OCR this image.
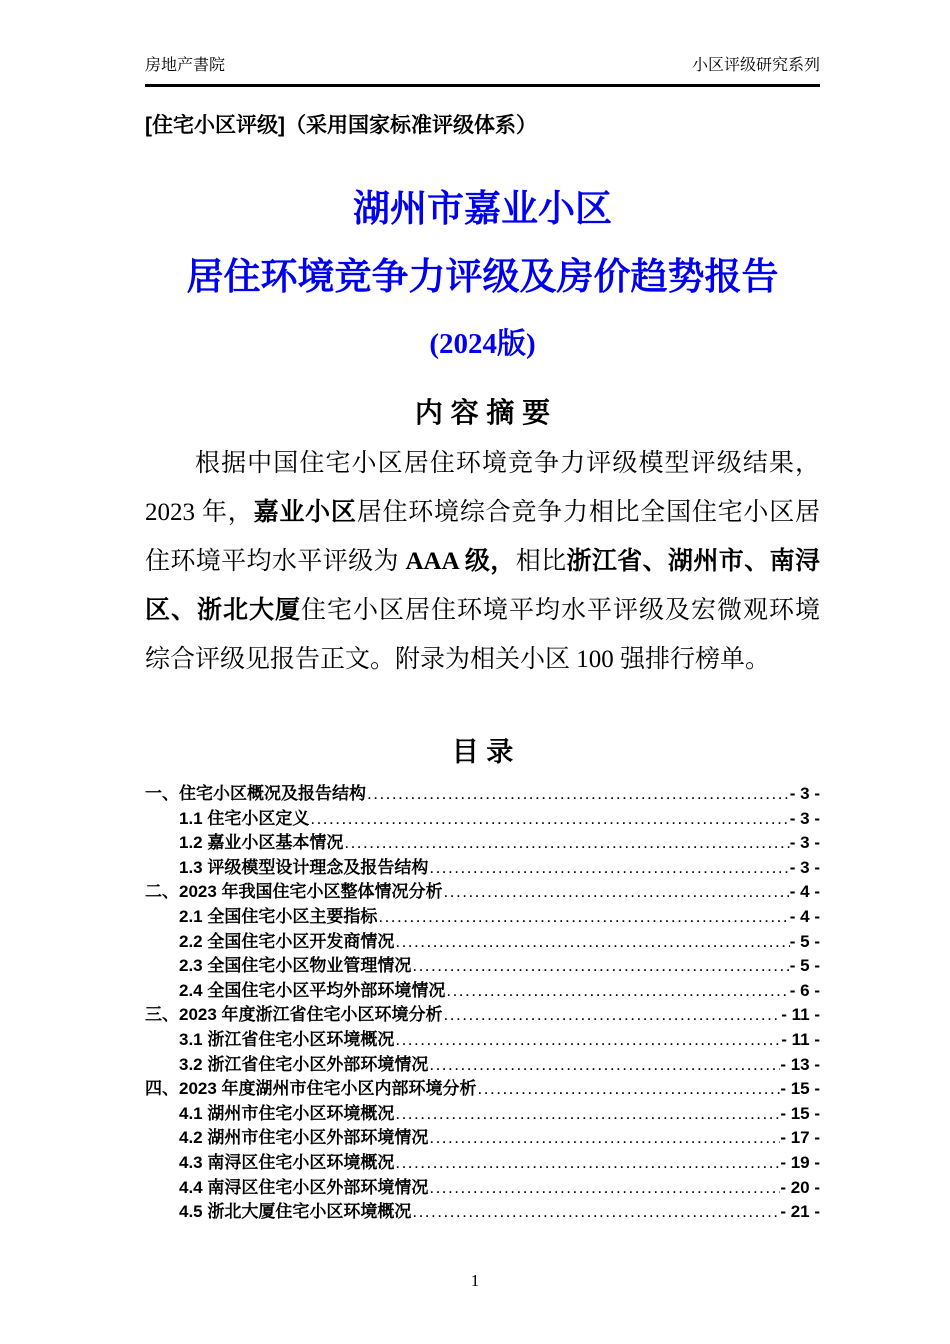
房地产書院	小区评级研究系列
[住宅小区评级]（采用国家标准评级体系）
湖州市嘉业小区
居住环境竞争力评级及房价趋势报告
(2024版)
内 容 摘 要

根据中国住宅小区居住环境竞争力评级模型评级结果，2023 年，嘉业小区居住环境综合竞争力相比全国住宅小区居住环境平均水平评级为 AAA 级，相比浙江省、湖州市、南浔区、浙北大厦住宅小区居住环境平均水平评级及宏微观环境综合评级见报告正文。附录为相关小区 100 强排行榜单。

目 录
一、住宅小区概况及报告结构 .....	- 3 -
1.1 住宅小区定义 .....	- 3 -
1.2 嘉业小区基本情况 .....	- 3 -
1.3 评级模型设计理念及报告结构 .....	- 3 -
二、2023 年我国住宅小区整体情况分析 .....	- 4 -
2.1 全国住宅小区主要指标 .....	- 4 -
2.2 全国住宅小区开发商情况 .....	- 5 -
2.3 全国住宅小区物业管理情况 .....	- 5 -
2.4 全国住宅小区平均外部环境情况 .....	- 6 -
三、2023 年度浙江省住宅小区环境分析 .....	- 11 -
3.1 浙江省住宅小区环境概况 .....	- 11 -
3.2 浙江省住宅小区外部环境情况 .....	- 13 -
四、2023 年度湖州市住宅小区内部环境分析 .....	- 15 -
4.1 湖州市住宅小区环境概况 .....	- 15 -
4.2 湖州市住宅小区外部环境情况 .....	- 17 -
4.3 南浔区住宅小区环境概况 .....	- 19 -
4.4 南浔区住宅小区外部环境情况 .....	- 20 -
4.5 浙北大厦住宅小区环境概况 .....	- 21 -
1
